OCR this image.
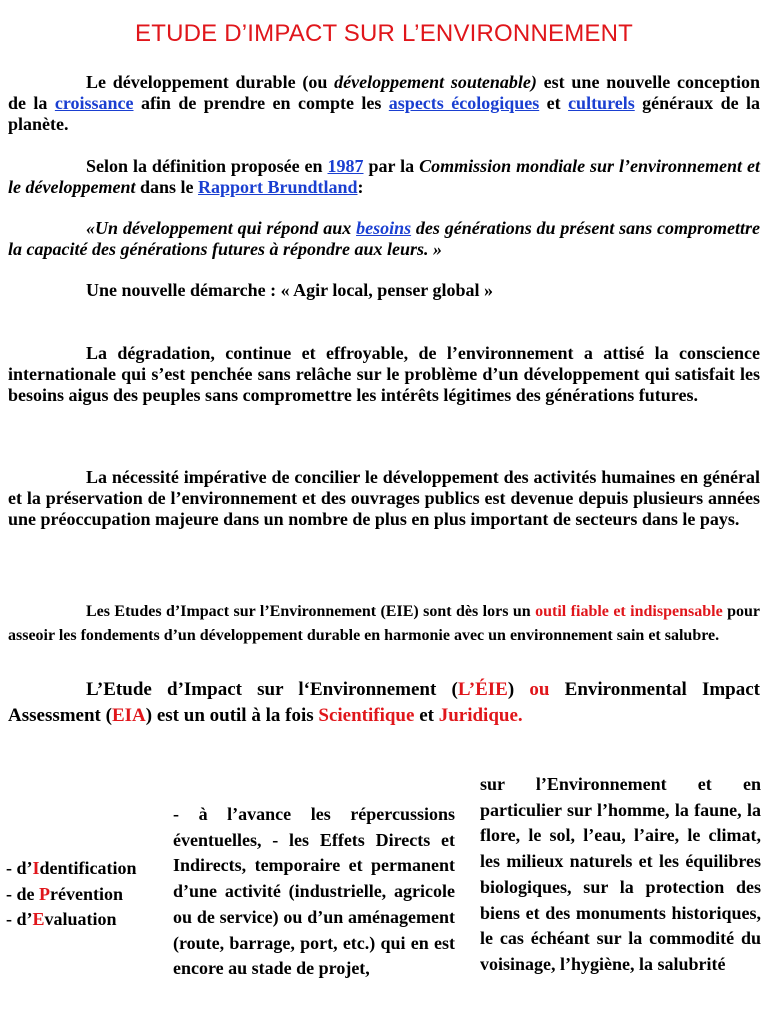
ETUDE D’IMPACT SUR L’ENVIRONNEMENT

Le développement durable (ou développement soutenable) est une nouvelle conception de la croissance afin de prendre en compte les aspects écologiques et culturels généraux de la planète.

Selon la définition proposée en 1987 par la Commission mondiale sur l’environnement et le développement dans le Rapport Brundtland:

«Un développement qui répond aux besoins des générations du présent sans compromettre la capacité des générations futures à répondre aux leurs. »

Une nouvelle démarche : « Agir local, penser global »

La dégradation, continue et effroyable, de l’environnement a attisé la conscience internationale qui s’est penchée sans relâche sur le problème d’un développement qui satisfait les besoins aigus des peuples sans compromettre les intérêts légitimes des générations futures.

La nécessité impérative de concilier le développement des activités humaines en général et la préservation de l’environnement et des ouvrages publics est devenue depuis plusieurs années une préoccupation majeure dans un nombre de plus en plus important de secteurs dans le pays.

Les Etudes d’Impact sur l’Environnement (EIE) sont dès lors un outil fiable et indispensable pour asseoir les fondements d’un développement durable en harmonie avec un environnement sain et salubre.

L’Etude d’Impact sur l‘Environnement (L’ÉIE) ou Environmental Impact Assessment (EIA) est un outil à la fois Scientifique et Juridique.

- d’Identification
- de Prévention
- d’Evaluation

- à l’avance les répercussions éventuelles, - les Effets Directs et Indirects, temporaire et permanent d’une activité (industrielle, agricole ou de service) ou d’un aménagement (route, barrage, port, etc.) qui en est encore au stade de projet,

sur l’Environnement et en particulier sur l’homme, la faune, la flore, le sol, l’eau, l’aire, le climat, les milieux naturels et les équilibres biologiques, sur la protection des biens et des monuments historiques, le cas échéant sur la commodité du voisinage, l’hygiène, la salubrité
